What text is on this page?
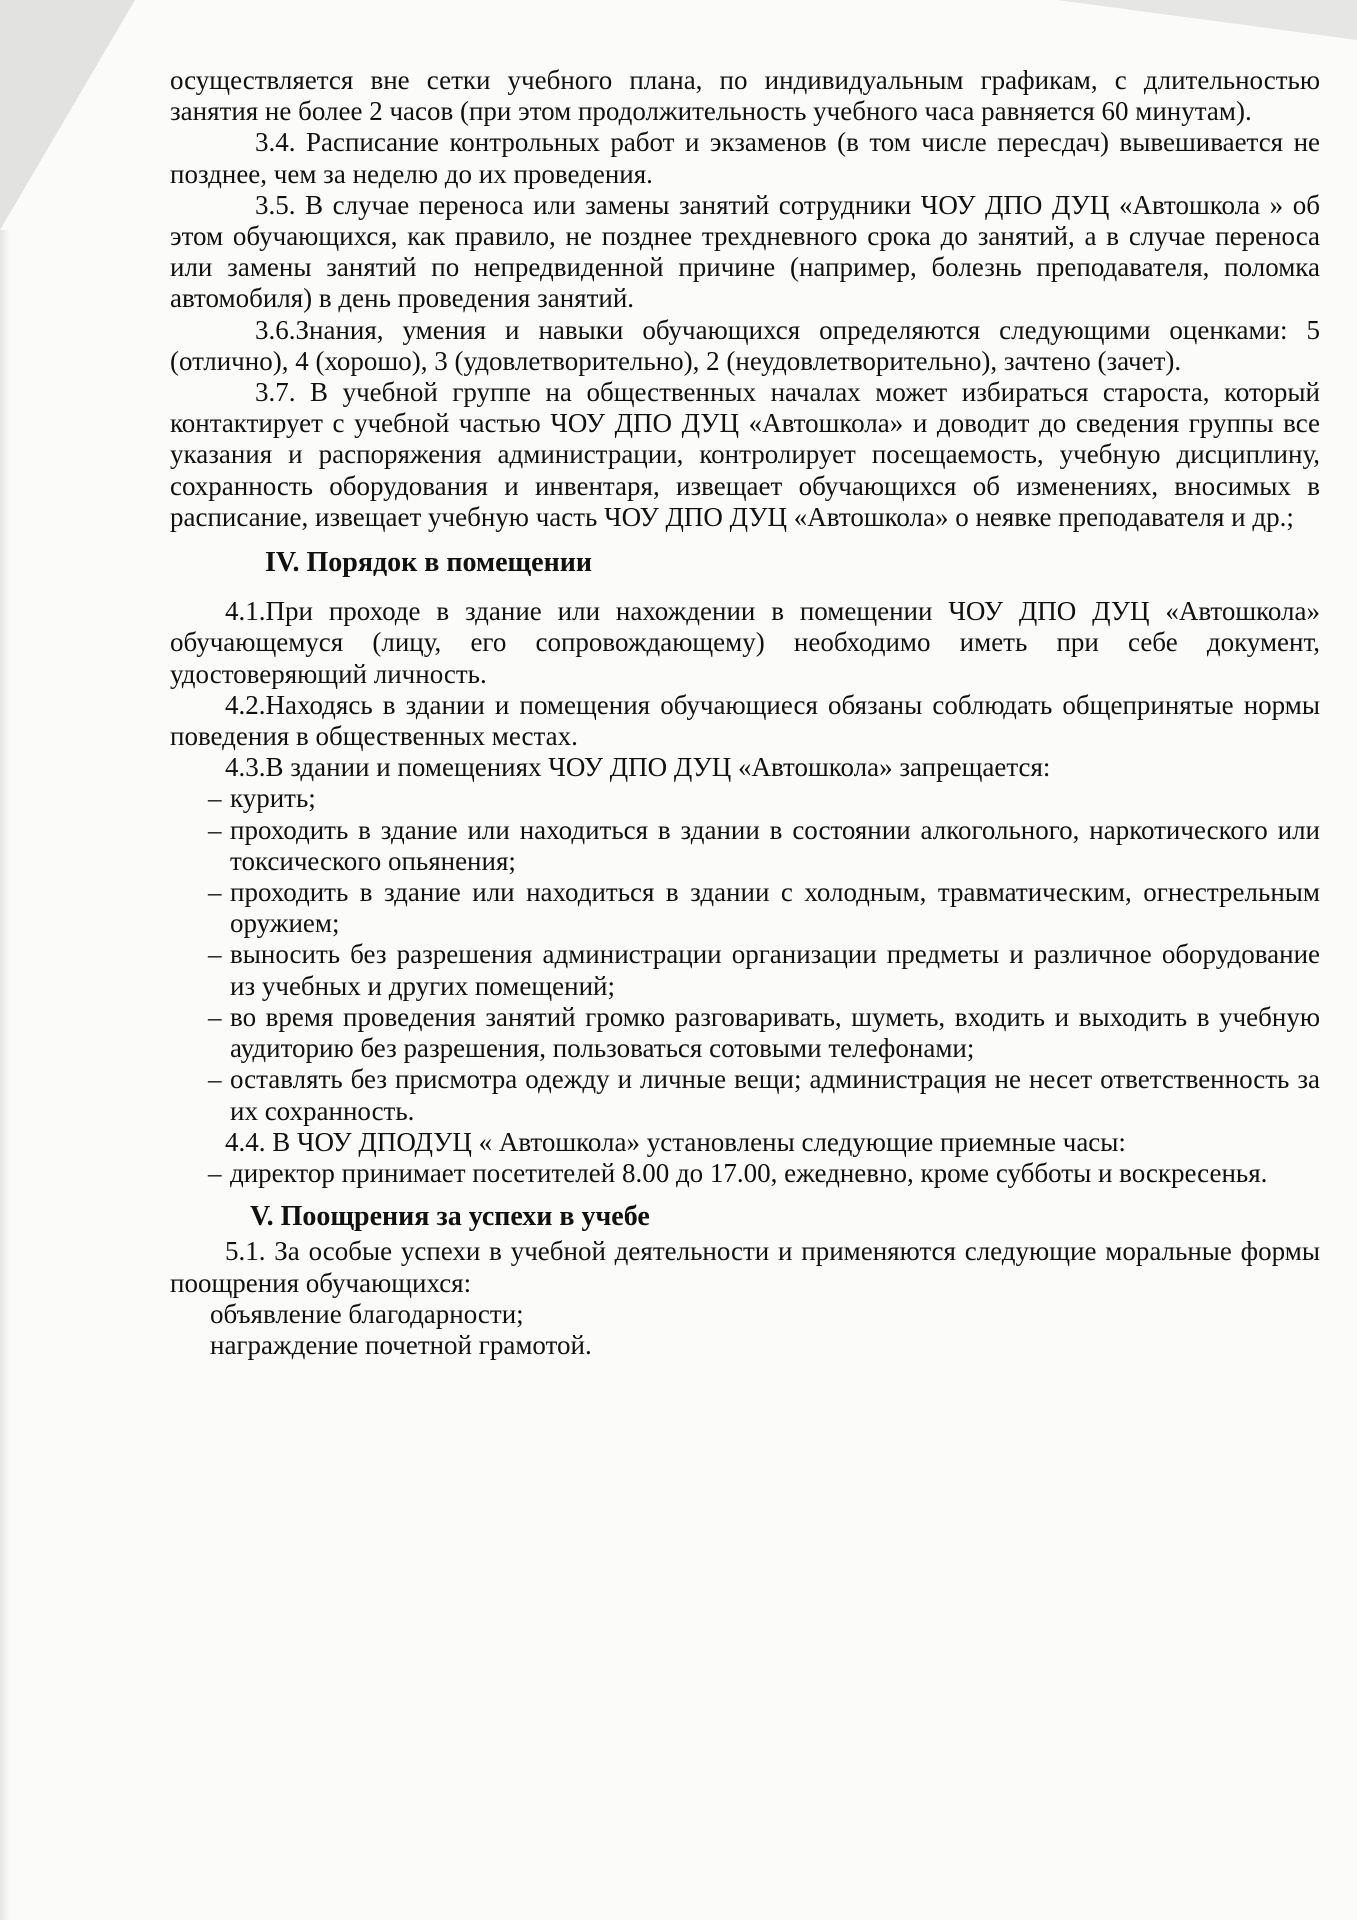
осуществляется вне сетки учебного плана, по индивидуальным графикам, с длительностью занятия не более 2 часов (при этом продолжительность учебного часа равняется 60 минутам).

3.4. Расписание контрольных работ и экзаменов (в том числе пересдач) вывешивается не позднее, чем за неделю до их проведения.

3.5. В случае переноса или замены занятий сотрудники ЧОУ ДПО ДУЦ «Автошкола » об этом обучающихся, как правило, не позднее трехдневного срока до занятий, а в случае переноса или замены занятий по непредвиденной причине (например, болезнь преподавателя, поломка автомобиля) в день проведения занятий.

3.6.Знания, умения и навыки обучающихся определяются следующими оценками: 5 (отлично), 4 (хорошо), 3 (удовлетворительно), 2 (неудовлетворительно), зачтено (зачет).

3.7. В учебной группе на общественных началах может избираться староста, который контактирует с учебной частью ЧОУ ДПО ДУЦ «Автошкола» и доводит до сведения группы все указания и распоряжения администрации, контролирует посещаемость, учебную дисциплину, сохранность оборудования и инвентаря, извещает обучающихся об изменениях, вносимых в расписание, извещает учебную часть ЧОУ ДПО ДУЦ «Автошкола» о неявке преподавателя и др.;

IV. Порядок в помещении

4.1.При проходе в здание или нахождении в помещении ЧОУ ДПО ДУЦ «Автошкола» обучающемуся (лицу, его сопровождающему) необходимо иметь при себе документ, удостоверяющий личность.

4.2.Находясь в здании и помещения обучающиеся обязаны соблюдать общепринятые нормы поведения в общественных местах.

4.3.В здании и помещениях ЧОУ ДПО ДУЦ «Автошкола» запрещается:

– курить;
– проходить в здание или находиться в здании в состоянии алкогольного, наркотического или токсического опьянения;
– проходить в здание или находиться в здании с холодным, травматическим, огнестрельным оружием;
– выносить без разрешения администрации организации предметы и различное оборудование из учебных и других помещений;
– во время проведения занятий громко разговаривать, шуметь, входить и выходить в учебную аудиторию без разрешения, пользоваться сотовыми телефонами;
– оставлять без присмотра одежду и личные вещи; администрация не несет ответственность за их сохранность.

4.4. В ЧОУ ДПОДУЦ « Автошкола» установлены следующие приемные часы:

– директор принимает посетителей 8.00 до 17.00, ежедневно, кроме субботы и воскресенья.
V. Поощрения за успехи в учебе

5.1. За особые успехи в учебной деятельности и применяются следующие моральные формы поощрения обучающихся:

объявление благодарности;

награждение почетной грамотой.
